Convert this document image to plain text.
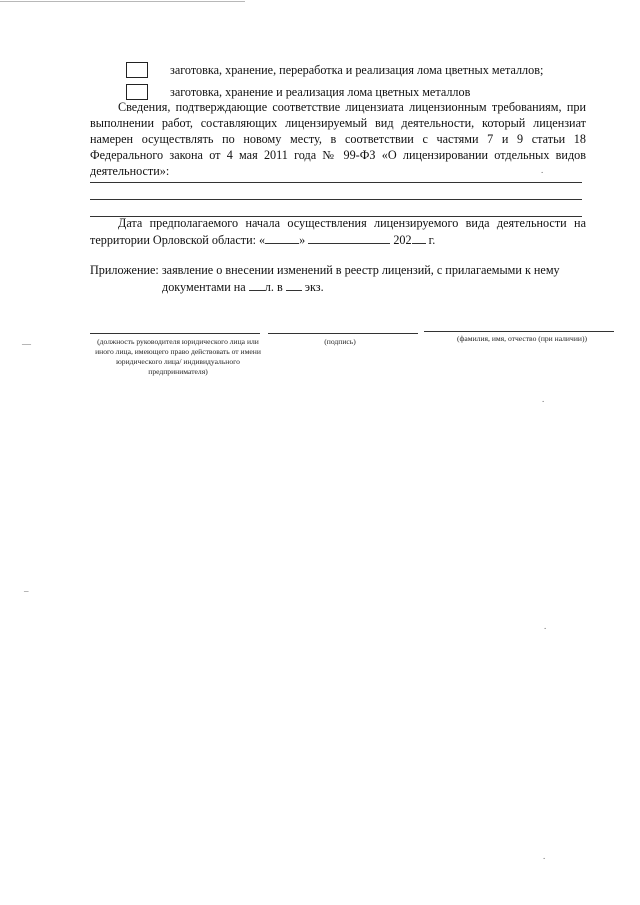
заготовка, хранение, переработка и реализация лома цветных металлов;
заготовка, хранение и реализация лома цветных металлов
Сведения, подтверждающие соответствие лицензиата лицензионным требованиям, при выполнении работ, составляющих лицензируемый вид деятельности, который лицензиат намерен осуществлять по новому месту, в соответствии с частями 7 и 9 статьи 18 Федерального закона от 4 мая 2011 года № 99-ФЗ «О лицензировании отдельных видов деятельности»:	.
Дата предполагаемого начала осуществления лицензируемого вида деятельности на территории Орловской области: «	»	202 г.
Приложение: заявление о внесении изменений в реестр лицензий, с прилагаемыми к нему
документами на л. в экз.
—	(должность руководителя юридического лица или иного лица, имеющего право действовать от имени юридического лица/ индивидуального предпринимателя)
(подпись)	(фамилия, имя, отчество (при наличии))
.
–
.
.
